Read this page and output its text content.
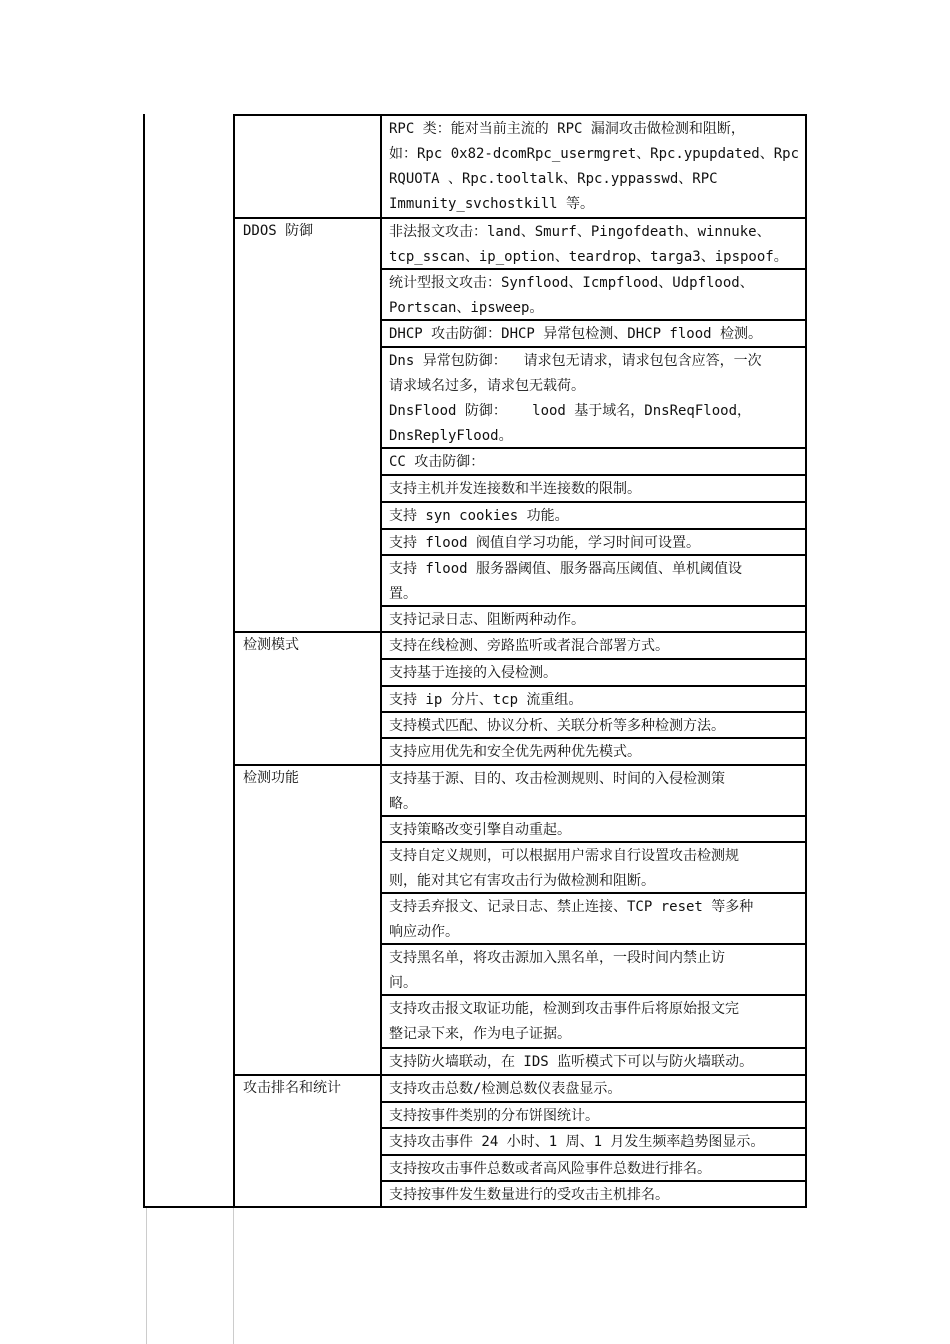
DDOS 防御
检测模式
检测功能
攻击排名和统计
RPC 类：能对当前主流的 RPC 漏洞攻击做检测和阻断，
如：Rpc 0x82-dcomRpc_usermgret、Rpc.ypupdated、Rpc
RQUOTA 、Rpc.tooltalk、Rpc.yppasswd、RPC
Immunity_svchostkill 等。
非法报文攻击：land、Smurf、Pingofdeath、winnuke、
tcp_sscan、ip_option、teardrop、targa3、ipspoof。
统计型报文攻击：Synflood、Icmpflood、Udpflood、
Portscan、ipsweep。
DHCP 攻击防御：DHCP 异常包检测、DHCP flood 检测。
Dns 异常包防御：  请求包无请求，请求包包含应答，一次
请求域名过多，请求包无载荷。
DnsFlood 防御：   lood 基于域名，DnsReqFlood，
DnsReplyFlood。
CC 攻击防御：
支持主机并发连接数和半连接数的限制。
支持 syn cookies 功能。
支持 flood 阀值自学习功能，学习时间可设置。
支持 flood 服务器阈值、服务器高压阈值、单机阈值设
置。
支持记录日志、阻断两种动作。
支持在线检测、旁路监听或者混合部署方式。
支持基于连接的入侵检测。
支持 ip 分片、tcp 流重组。
支持模式匹配、协议分析、关联分析等多种检测方法。
支持应用优先和安全优先两种优先模式。
支持基于源、目的、攻击检测规则、时间的入侵检测策
略。
支持策略改变引擎自动重起。
支持自定义规则，可以根据用户需求自行设置攻击检测规
则，能对其它有害攻击行为做检测和阻断。
支持丢弃报文、记录日志、禁止连接、TCP reset 等多种
响应动作。
支持黑名单，将攻击源加入黑名单，一段时间内禁止访
问。
支持攻击报文取证功能，检测到攻击事件后将原始报文完
整记录下来，作为电子证据。
支持防火墙联动，在 IDS 监听模式下可以与防火墙联动。
支持攻击总数/检测总数仪表盘显示。
支持按事件类别的分布饼图统计。
支持攻击事件 24 小时、1 周、1 月发生频率趋势图显示。
支持按攻击事件总数或者高风险事件总数进行排名。
支持按事件发生数量进行的受攻击主机排名。
